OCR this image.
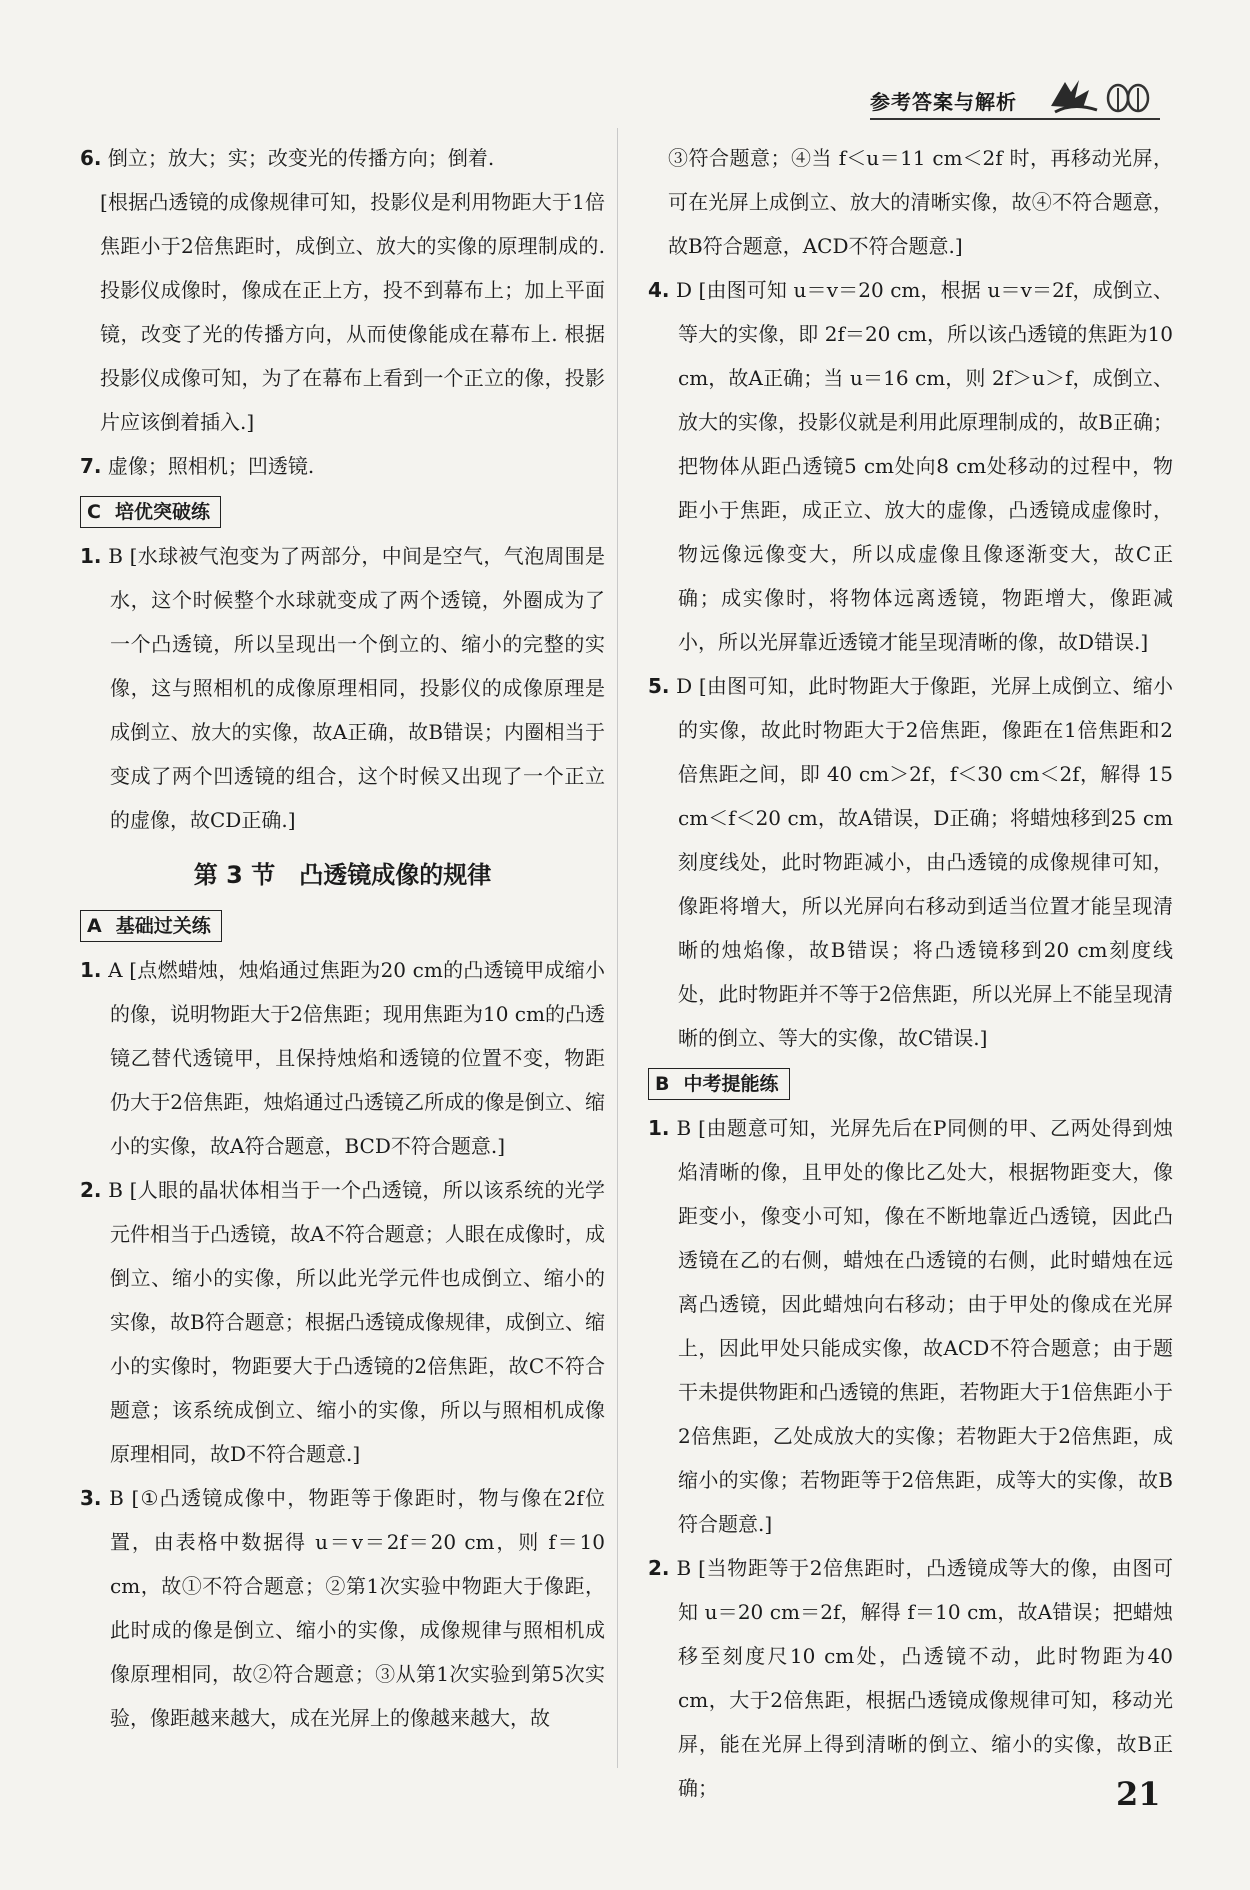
参考答案与解析

6. 倒立；放大；实；改变光的传播方向；倒着.

[根据凸透镜的成像规律可知，投影仪是利用物距大于1倍焦距小于2倍焦距时，成倒立、放大的实像的原理制成的. 投影仪成像时，像成在正上方，投不到幕布上；加上平面镜，改变了光的传播方向，从而使像能成在幕布上. 根据投影仪成像可知，为了在幕布上看到一个正立的像，投影片应该倒着插入.]

7. 虚像；照相机；凹透镜.

C 培优突破练

1. B [水球被气泡变为了两部分，中间是空气，气泡周围是水，这个时候整个水球就变成了两个透镜，外圈成为了一个凸透镜，所以呈现出一个倒立的、缩小的完整的实像，这与照相机的成像原理相同，投影仪的成像原理是成倒立、放大的实像，故A正确，故B错误；内圈相当于变成了两个凹透镜的组合，这个时候又出现了一个正立的虚像，故CD正确.]

第 3 节 凸透镜成像的规律
A 基础过关练

1. A [点燃蜡烛，烛焰通过焦距为20 cm的凸透镜甲成缩小的像，说明物距大于2倍焦距；现用焦距为10 cm的凸透镜乙替代透镜甲，且保持烛焰和透镜的位置不变，物距仍大于2倍焦距，烛焰通过凸透镜乙所成的像是倒立、缩小的实像，故A符合题意，BCD不符合题意.]

2. B [人眼的晶状体相当于一个凸透镜，所以该系统的光学元件相当于凸透镜，故A不符合题意；人眼在成像时，成倒立、缩小的实像，所以此光学元件也成倒立、缩小的实像，故B符合题意；根据凸透镜成像规律，成倒立、缩小的实像时，物距要大于凸透镜的2倍焦距，故C不符合题意；该系统成倒立、缩小的实像，所以与照相机成像原理相同，故D不符合题意.]

3. B [①凸透镜成像中，物距等于像距时，物与像在2f位置，由表格中数据得 u＝v＝2f＝20 cm，则 f＝10 cm，故①不符合题意；②第1次实验中物距大于像距，此时成的像是倒立、缩小的实像，成像规律与照相机成像原理相同，故②符合题意；③从第1次实验到第5次实验，像距越来越大，成在光屏上的像越来越大，故

③符合题意；④当 f＜u＝11 cm＜2f 时，再移动光屏，可在光屏上成倒立、放大的清晰实像，故④不符合题意，故B符合题意，ACD不符合题意.]

4. D [由图可知 u＝v＝20 cm，根据 u＝v＝2f，成倒立、等大的实像，即 2f＝20 cm，所以该凸透镜的焦距为10 cm，故A正确；当 u＝16 cm，则 2f＞u＞f，成倒立、放大的实像，投影仪就是利用此原理制成的，故B正确；把物体从距凸透镜5 cm处向8 cm处移动的过程中，物距小于焦距，成正立、放大的虚像，凸透镜成虚像时，物远像远像变大，所以成虚像且像逐渐变大，故C正确；成实像时，将物体远离透镜，物距增大，像距减小，所以光屏靠近透镜才能呈现清晰的像，故D错误.]

5. D [由图可知，此时物距大于像距，光屏上成倒立、缩小的实像，故此时物距大于2倍焦距，像距在1倍焦距和2倍焦距之间，即 40 cm＞2f，f＜30 cm＜2f，解得 15 cm＜f＜20 cm，故A错误，D正确；将蜡烛移到25 cm刻度线处，此时物距减小，由凸透镜的成像规律可知，像距将增大，所以光屏向右移动到适当位置才能呈现清晰的烛焰像，故B错误；将凸透镜移到20 cm刻度线处，此时物距并不等于2倍焦距，所以光屏上不能呈现清晰的倒立、等大的实像，故C错误.]

B 中考提能练

1. B [由题意可知，光屏先后在P同侧的甲、乙两处得到烛焰清晰的像，且甲处的像比乙处大，根据物距变大，像距变小，像变小可知，像在不断地靠近凸透镜，因此凸透镜在乙的右侧，蜡烛在凸透镜的右侧，此时蜡烛在远离凸透镜，因此蜡烛向右移动；由于甲处的像成在光屏上，因此甲处只能成实像，故ACD不符合题意；由于题干未提供物距和凸透镜的焦距，若物距大于1倍焦距小于2倍焦距，乙处成放大的实像；若物距大于2倍焦距，成缩小的实像；若物距等于2倍焦距，成等大的实像，故B符合题意.]

2. B [当物距等于2倍焦距时，凸透镜成等大的像，由图可知 u＝20 cm＝2f，解得 f＝10 cm，故A错误；把蜡烛移至刻度尺10 cm处，凸透镜不动，此时物距为40 cm，大于2倍焦距，根据凸透镜成像规律可知，移动光屏，能在光屏上得到清晰的倒立、缩小的实像，故B正确；	21
